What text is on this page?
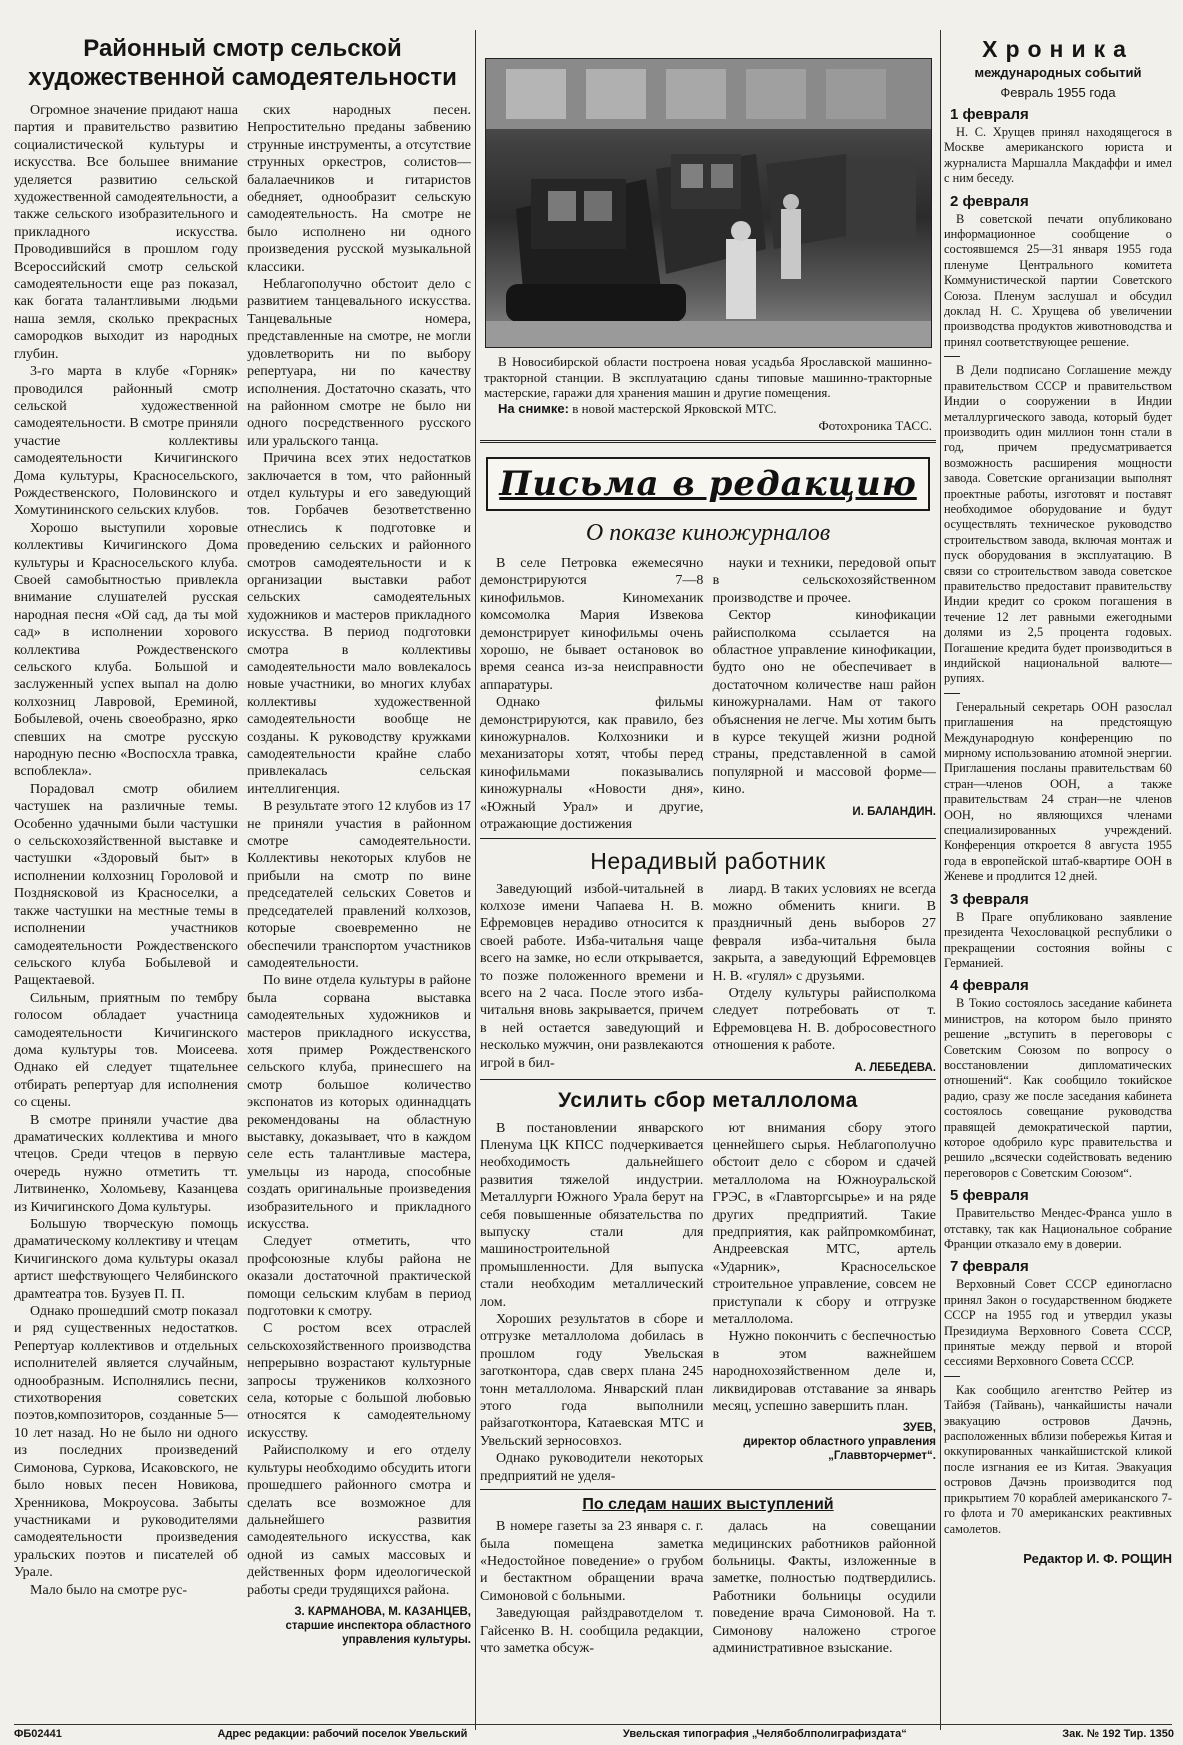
Районный смотр сельской художественной самодеятельности

Огромное значение придают наша партия и правительство развитию социалистической культуры и искусства. Все большее внимание уделяется развитию сельской художественной самодеятельности, а также сельского изобразительного и прикладного искусства. Проводившийся в прошлом году Всероссийский смотр сельской самодеятельности еще раз показал, как богата талантливыми людьми наша земля, сколько прекрасных самородков выходит из народных глубин.

3-го марта в клубе «Горняк» проводился районный смотр сельской художественной самодеятельности. В смотре приняли участие коллективы самодеятельности Кичигинского Дома культуры, Красносельского, Рождественского, Половинского и Хомутининского сельских клубов.

Хорошо выступили хоровые коллективы Кичигинского Дома культуры и Красносельского клуба. Своей самобытностью привлекла внимание слушателей русская народная песня «Ой сад, да ты мой сад» в исполнении хорового коллектива Рождественского сельского клуба. Большой и заслуженный успех выпал на долю колхозниц Лавровой, Ереминой, Бобылевой, очень своеобразно, ярко спевших на смотре русскую народную песню «Воспосхла травка, вспоблекла».

Порадовал смотр обилием частушек на различные темы. Особенно удачными были частушки о сельскохозяйственной выставке и частушки «Здоровый быт» в исполнении колхозниц Гороловой и Позднясковой из Красноселки, а также частушки на местные темы в исполнении участников самодеятельности Рождественского сельского клуба Бобылевой и Ращектаевой.

Сильным, приятным по тембру голосом обладает участница самодеятельности Кичигинского дома культуры тов. Моисеева. Однако ей следует тщательнее отбирать репертуар для исполнения со сцены.

В смотре приняли участие два драматических коллектива и много чтецов. Среди чтецов в первую очередь нужно отметить тт. Литвиненко, Холомьеву, Казанцева из Кичигинского Дома культуры.

Большую творческую помощь драматическому коллективу и чтецам Кичигинского дома культуры оказал артист шефствующего Челябинского драмтеатра тов. Бузуев П. П.

Однако прошедший смотр показал и ряд существенных недостатков. Репертуар коллективов и отдельных исполнителей является случайным, однообразным. Исполнялись песни, стихотворения советских поэтов,композиторов, созданные 5—10 лет назад. Но не было ни одного из последних произведений Симонова, Суркова, Исаковского, не было новых песен Новикова, Хренникова, Мокроусова. Забыты участниками и руководителями самодеятельности произведения уральских поэтов и писателей об Урале.

Мало было на смотре рус-

ских народных песен. Непростительно преданы забвению струнные инструменты, а отсутствие струнных оркестров, солистов—балалаечников и гитаристов обедняет, однообразит сельскую самодеятельность. На смотре не было исполнено ни одного произведения русской музыкальной классики.

Неблагополучно обстоит дело с развитием танцевального искусства. Танцевальные номера, представленные на смотре, не могли удовлетворить ни по выбору репертуара, ни по качеству исполнения. Достаточно сказать, что на районном смотре не было ни одного посредственного русского или уральского танца.

Причина всех этих недостатков заключается в том, что районный отдел культуры и его заведующий тов. Горбачев безответственно отнеслись к подготовке и проведению сельских и районного смотров самодеятельности и к организации выставки работ сельских самодеятельных художников и мастеров прикладного искусства. В период подготовки смотра в коллективы самодеятельности мало вовлекалось новые участники, во многих клубах коллективы художественной самодеятельности вообще не созданы. К руководству кружками самодеятельности крайне слабо привлекалась сельская интеллигенция.

В результате этого 12 клубов из 17 не приняли участия в районном смотре самодеятельности. Коллективы некоторых клубов не прибыли на смотр по вине председателей сельских Советов и председателей правлений колхозов, которые своевременно не обеспечили транспортом участников самодеятельности.

По вине отдела культуры в районе была сорвана выставка самодеятельных художников и мастеров прикладного искусства, хотя пример Рождественского сельского клуба, принесшего на смотр большое количество экспонатов из которых одиннадцать рекомендованы на областную выставку, доказывает, что в каждом селе есть талантливые мастера, умельцы из народа, способные создать оригинальные произведения изобразительного и прикладного искусства.

Следует отметить, что профсоюзные клубы района не оказали достаточной практической помощи сельским клубам в период подготовки к смотру.

С ростом всех отраслей сельскохозяйственного производства непрерывно возрастают культурные запросы тружеников колхозного села, которые с большой любовью относятся к самодеятельному искусству.

Райисполкому и его отделу культуры необходимо обсудить итоги прошедшего районного смотра и сделать все возможное для дальнейшего развития самодеятельного искусства, как одной из самых массовых и действенных форм идеологической работы среди трудящихся района.

З. КАРМАНОВА, М. КАЗАНЦЕВ,
старшие инспектора областного управления культуры.

В Новосибирской области построена новая усадьба Ярославской машинно-тракторной станции. В эксплуатацию сданы типовые машинно-тракторные мастерские, гаражи для хранения машин и другие помещения.

На снимке: в новой мастерской Ярковской МТС.

Фотохроника ТАСС.
Письма в редакцию
О показе киножурналов

В селе Петровка ежемесячно демонстрируются 7—8 кинофильмов. Киномеханик комсомолка Мария Извекова демонстрирует кинофильмы очень хорошо, не бывает остановок во время сеанса из-за неисправности аппаратуры.

Однако фильмы демонстрируются, как правило, без киножурналов. Колхозники и механизаторы хотят, чтобы перед кинофильмами показывались киножурналы «Новости дня», «Южный Урал» и другие, отражающие достижения

науки и техники, передовой опыт в сельскохозяйственном производстве и прочее.

Сектор кинофикации райисполкома ссылается на областное управление кинофикации, будто оно не обеспечивает в достаточном количестве наш район киножурналами. Нам от такого объяснения не легче. Мы хотим быть в курсе текущей жизни родной страны, представленной в самой популярной и массовой форме—кино.

И. БАЛАНДИН.
Нерадивый работник

Заведующий избой-читальней в колхозе имени Чапаева Н. В. Ефремовцев нерадиво относится к своей работе. Изба-читальня чаще всего на замке, но если открывается, то позже положенного времени и всего на 2 часа. После этого изба-читальня вновь закрывается, причем в ней остается заведующий и несколько мужчин, они развлекаются игрой в бил-

лиард. В таких условиях не всегда можно обменить книги. В праздничный день выборов 27 февраля изба-читальня была закрыта, а заведующий Ефремовцев Н. В. «гулял» с друзьями.

Отделу культуры райисполкома следует потребовать от т. Ефремовцева Н. В. добросовестного отношения к работе.

А. ЛЕБЕДЕВА.
Усилить сбор металлолома

В постановлении январского Пленума ЦК КПСС подчеркивается необходимость дальнейшего развития тяжелой индустрии. Металлурги Южного Урала берут на себя повышенные обязательства по выпуску стали для машиностроительной промышленности. Для выпуска стали необходим металлический лом.

Хороших результатов в сборе и отгрузке металлолома добилась в прошлом году Увельская заготконтора, сдав сверх плана 245 тонн металлолома. Январский план этого года выполнили райзаготконтора, Катаевская МТС и Увельский зерносовхоз.

Однако руководители некоторых предприятий не уделя-

ют внимания сбору этого ценнейшего сырья. Неблагополучно обстоит дело с сбором и сдачей металлолома на Южноуральской ГРЭС, в «Главторгсырье» и на ряде других предприятий. Такие предприятия, как райпромкомбинат, Андреевская МТС, артель «Ударник», Красносельское строительное управление, совсем не приступали к сбору и отгрузке металлолома.

Нужно покончить с беспечностью в этом важнейшем народнохозяйственном деле и, ликвидировав отставание за январь месяц, успешно завершить план.

ЗУЕВ,
директор областного управления „Главвторчермет“.
По следам наших выступлений

В номере газеты за 23 января с. г. была помещена заметка «Недостойное поведение» о грубом и бестактном обращении врача Симоновой с больными.

Заведующая райздравотделом т. Гайсенко В. Н. сообщила редакции, что заметка обсуж-

далась на совещании медицинских работников районной больницы. Факты, изложенные в заметке, полностью подтвердились. Работники больницы осудили поведение врача Симоновой. На т. Симонову наложено строгое административное взыскание.

Хроника
международных событий
Февраль 1955 года
1 февраля

Н. С. Хрущев принял находящегося в Москве американского юриста и журналиста Маршалла Макдаффи и имел с ним беседу.

2 февраля

В советской печати опубликовано информационное сообщение о состоявшемся 25—31 января 1955 года пленуме Центрального комитета Коммунистической партии Советского Союза. Пленум заслушал и обсудил доклад Н. С. Хрущева об увеличении производства продуктов животноводства и принял соответствующее решение.

В Дели подписано Соглашение между правительством СССР и правительством Индии о сооружении в Индии металлургического завода, который будет производить один миллион тонн стали в год, причем предусматривается возможность расширения мощности завода. Советские организации выполнят проектные работы, изготовят и поставят необходимое оборудование и будут осуществлять техническое руководство строительством завода, включая монтаж и пуск оборудования в эксплуатацию. В связи со строительством завода советское правительство предоставит правительству Индии кредит со сроком погашения в течение 12 лет равными ежегодными долями из 2,5 процента годовых. Погашение кредита будет производиться в индийской национальной валюте—рупиях.

Генеральный секретарь ООН разослал приглашения на предстоящую Международную конференцию по мирному использованию атомной энергии. Приглашения посланы правительствам 60 стран—членов ООН, а также правительствам 24 стран—не членов ООН, но являющихся членами специализированных учреждений. Конференция откроется 8 августа 1955 года в европейской штаб-квартире ООН в Женеве и продлится 12 дней.

3 февраля

В Праге опубликовано заявление президента Чехословацкой республики о прекращении состояния войны с Германией.

4 февраля

В Токио состоялось заседание кабинета министров, на котором было принято решение „вступить в переговоры с Советским Союзом по вопросу о восстановлении дипломатических отношений“. Как сообщило токийское радио, сразу же после заседания кабинета состоялось совещание руководства правящей демократической партии, которое одобрило курс правительства и решило „всячески содействовать ведению переговоров с Советским Союзом“.

5 февраля

Правительство Мендес-Франса ушло в отставку, так как Национальное собрание Франции отказало ему в доверии.

7 февраля

Верховный Совет СССР единогласно принял Закон о государственном бюджете СССР на 1955 год и утвердил указы Президиума Верховного Совета СССР, принятые между первой и второй сессиями Верховного Совета СССР.

Как сообщило агентство Рейтер из Тайбэя (Тайвань), чанкайшисты начали эвакуацию островов Дачэнь, расположенных вблизи побережья Китая и оккупированных чанкайшистской кликой после изгнания ее из Китая. Эвакуация островов Дачэнь производится под прикрытием 70 кораблей американского 7-го флота и 70 американских реактивных самолетов.

Редактор И. Ф. РОЩИН
ФБ02441	Адрес редакции: рабочий поселок Увельский	Увельская типография „Челябоблполиграфиздата“	Зак. № 192 Тир. 1350
